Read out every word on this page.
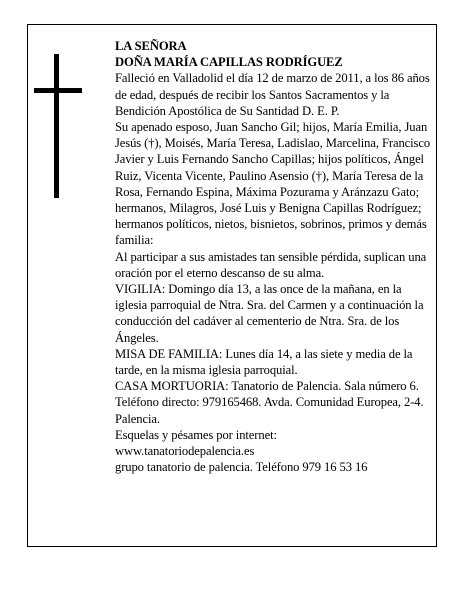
LA SEÑORA

DOÑA MARÍA CAPILLAS RODRÍGUEZ

Falleció en Valladolid el día 12 de marzo de 2011, a los 86 años de edad, después de recibir los Santos Sacramentos y la Bendición Apostólica de Su Santidad D. E. P.

Su apenado esposo, Juan Sancho Gil; hijos, María Emilia, Juan Jesús (†), Moisés, María Teresa, Ladislao, Marcelina, Francisco Javier y Luis Fernando Sancho Capillas; hijos políticos, Ángel Ruiz, Vicenta Vicente, Paulino Asensio (†), María Teresa de la Rosa, Fernando Espina, Máxima Pozurama y Aránzazu Gato; hermanos, Milagros, José Luis y Benigna Capillas Rodríguez; hermanos políticos, nietos, bisnietos, sobrinos, primos y demás familia:

Al participar a sus amistades tan sensible pérdida, suplican una oración por el eterno descanso de su alma.

VIGILIA: Domingo día 13, a las once de la mañana, en la iglesia parroquial de Ntra. Sra. del Carmen y a continuación la conducción del cadáver al cementerio de Ntra. Sra. de los Ángeles.

MISA DE FAMILIA: Lunes día 14, a las siete y media de la tarde, en la misma iglesia parroquial.

CASA MORTUORIA: Tanatorio de Palencia. Sala número 6. Teléfono directo: 979165468. Avda. Comunidad Europea, 2-4. Palencia.

Esquelas y pésames por internet:

www.tanatoriodepalencia.es

grupo tanatorio de palencia. Teléfono 979 16 53 16
